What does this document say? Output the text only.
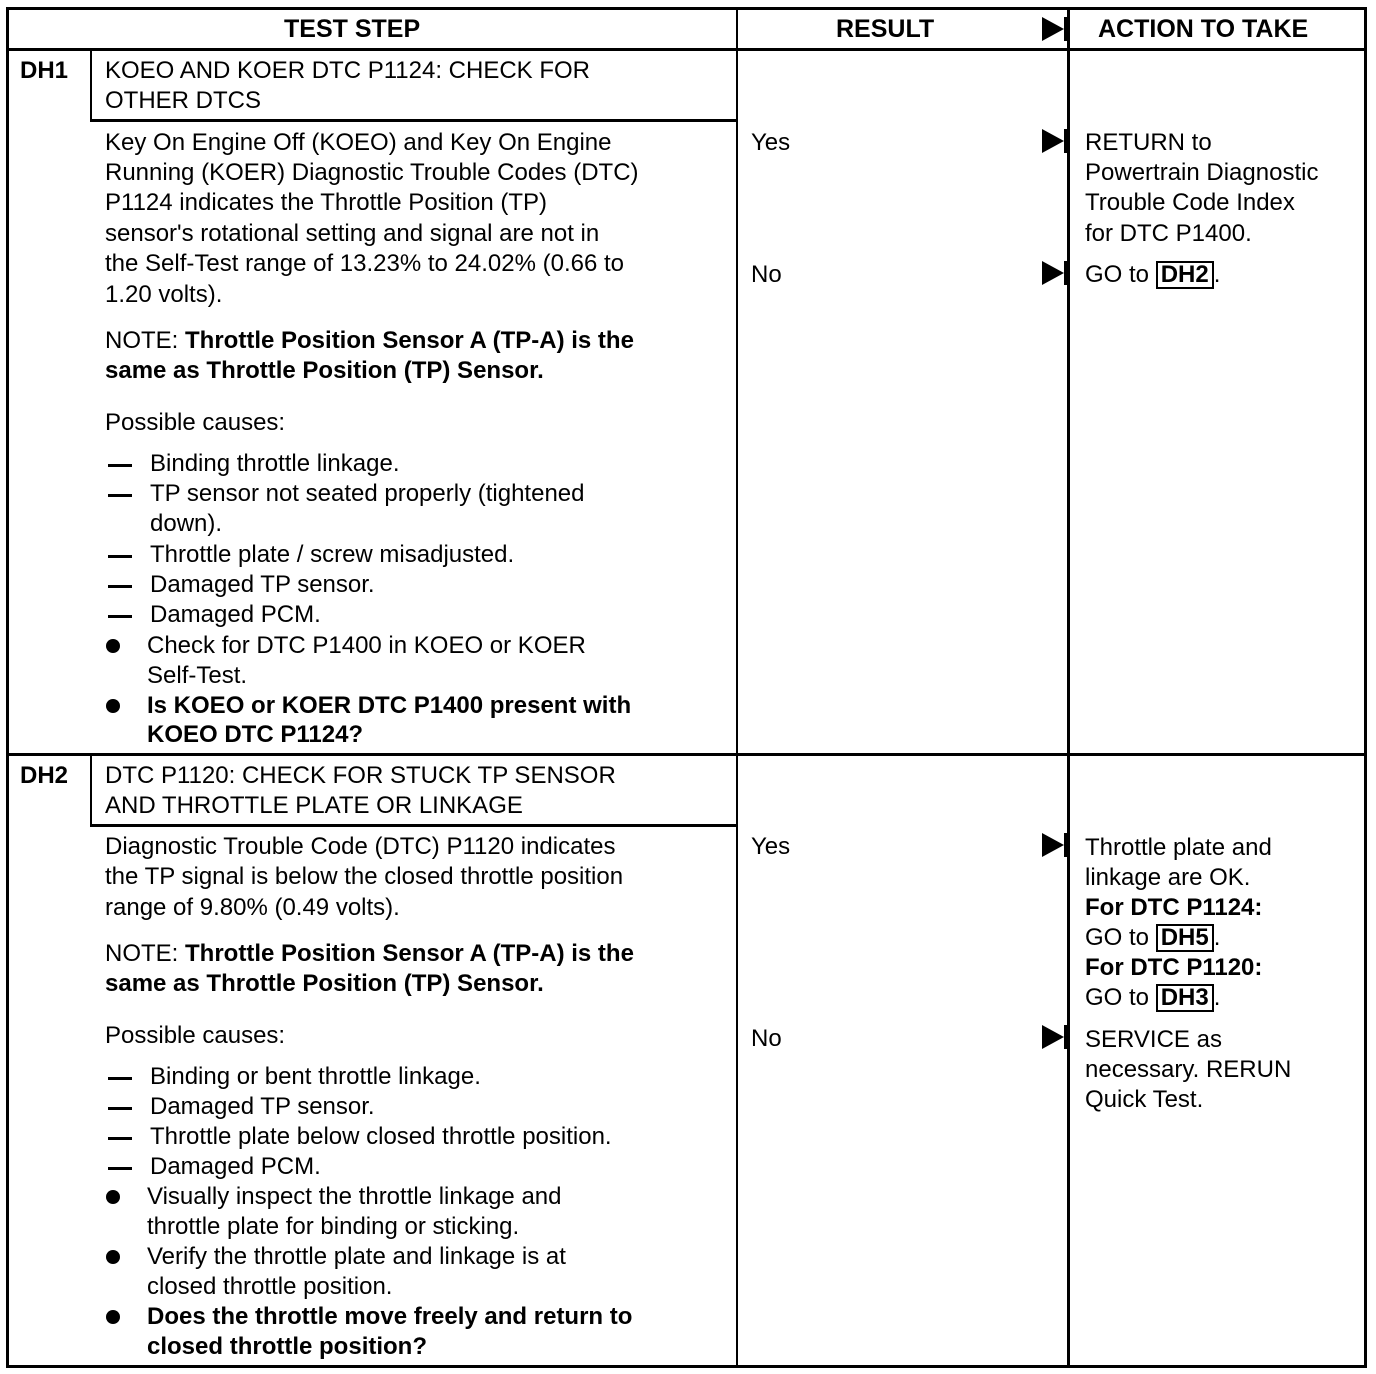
TEST STEP	RESULT	ACTION TO TAKE
DH1 KOEO AND KOER DTC P1124: CHECK FOR
OTHER DTCS
Key On Engine Off (KOEO) and Key On Engine
Running (KOER) Diagnostic Trouble Codes (DTC)
P1124 indicates the Throttle Position (TP)
sensor's rotational setting and signal are not in
the Self-Test range of 13.23% to 24.02% (0.66 to
1.20 volts).
NOTE: Throttle Position Sensor A (TP-A) is the
same as Throttle Position (TP) Sensor.
Possible causes:
Binding throttle linkage.
TP sensor not seated properly (tightened
down).
Throttle plate / screw misadjusted.
Damaged TP sensor.
Damaged PCM.
Check for DTC P1400 in KOEO or KOER
Self-Test.
Is KOEO or KOER DTC P1400 present with
KOEO DTC P1124?
Yes	RETURN to
Powertrain Diagnostic
Trouble Code Index
for DTC P1400.
No	GO to DH2 .
DH2 DTC P1120: CHECK FOR STUCK TP SENSOR
AND THROTTLE PLATE OR LINKAGE
Diagnostic Trouble Code (DTC) P1120 indicates
the TP signal is below the closed throttle position
range of 9.80% (0.49 volts).
NOTE: Throttle Position Sensor A (TP-A) is the
same as Throttle Position (TP) Sensor.
Possible causes:
Binding or bent throttle linkage.
Damaged TP sensor.
Throttle plate below closed throttle position.
Damaged PCM.
Visually inspect the throttle linkage and
throttle plate for binding or sticking.
Verify the throttle plate and linkage is at
closed throttle position.
Does the throttle move freely and return to
closed throttle position?
Yes	Throttle plate and
linkage are OK.
For DTC P1124:
GO to DH5 .
For DTC P1120:
GO to DH3 .
No	SERVICE as
necessary. RERUN
Quick Test.
